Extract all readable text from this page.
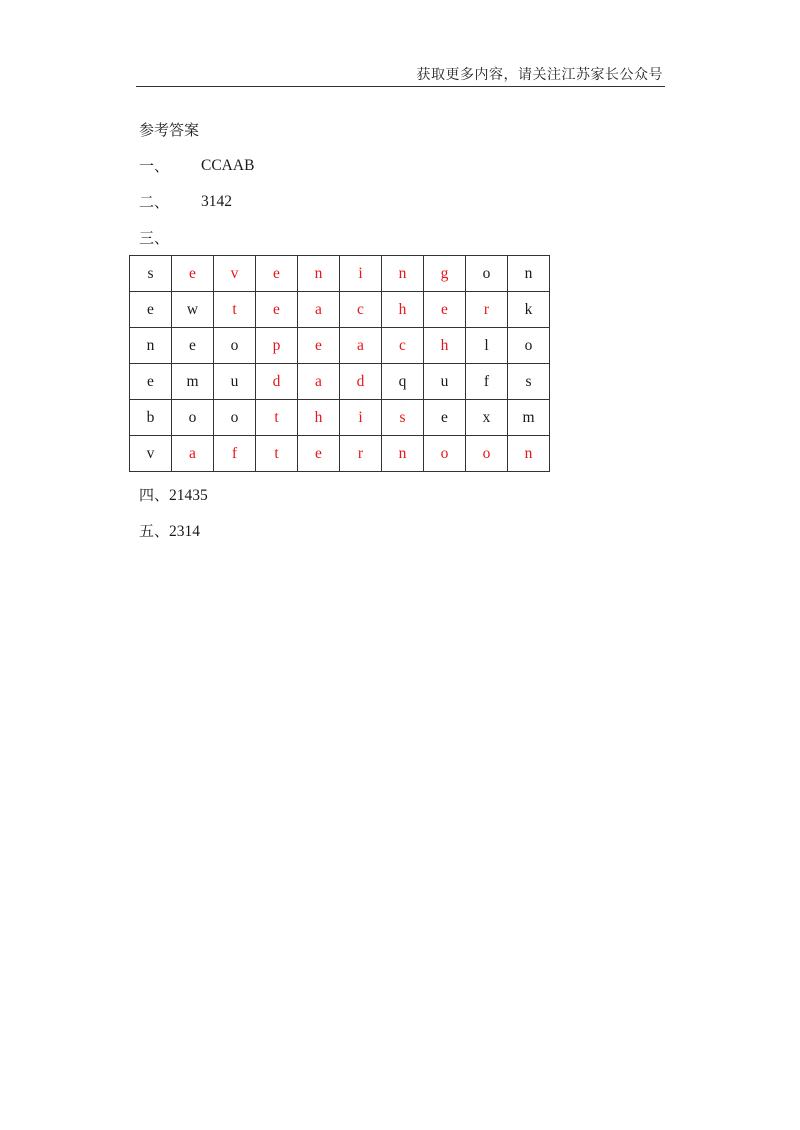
获取更多内容，请关注江苏家长公众号
参考答案
一、 CCAAB
二、 3142
三、
s	e	v	e	n	i	n	g	o	n
e	w	t	e	a	c	h	e	r	k
n	e	o	p	e	a	c	h	l	o
e	m	u	d	a	d	q	u	f	s
b	o	o	t	h	i	s	e	x	m
v	a	f	t	e	r	n	o	o	n
四、21435
五、2314
